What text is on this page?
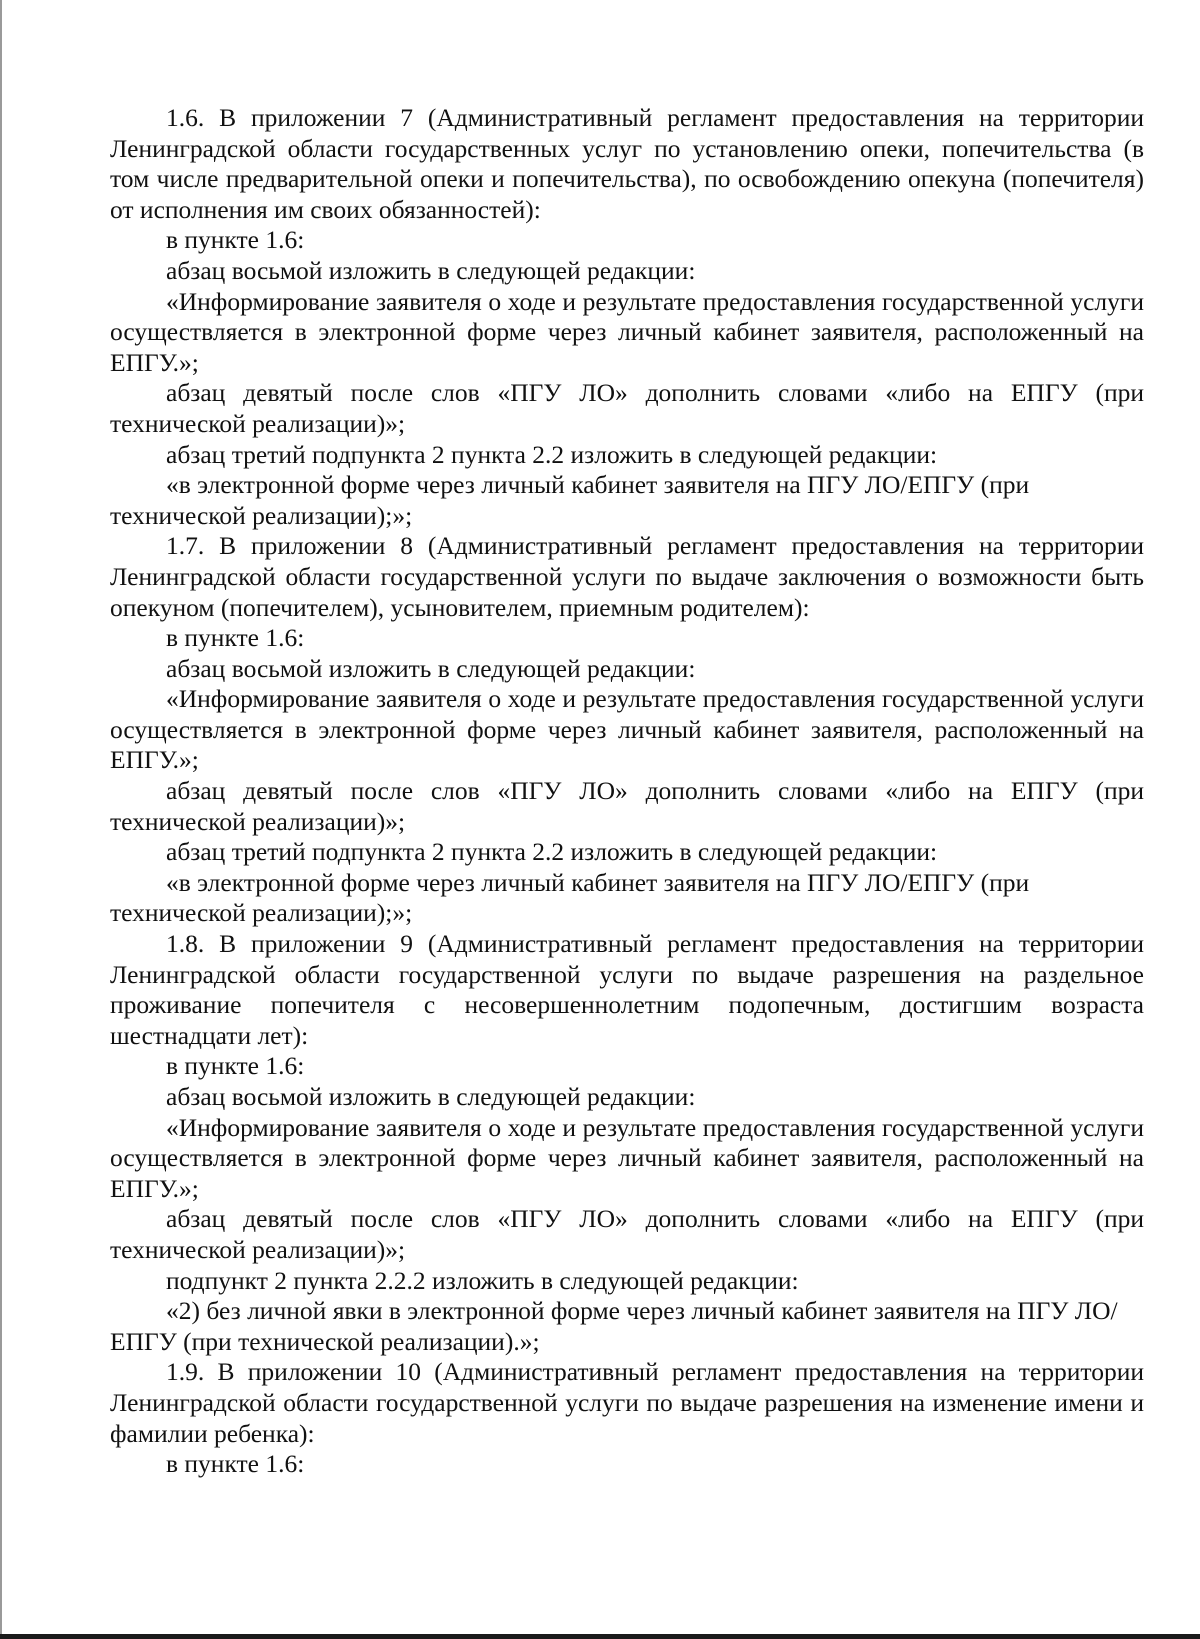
1.6. В приложении 7 (Административный регламент предоставления на территории Ленинградской области государственных услуг по установлению опеки, попечительства (в том числе предварительной опеки и попечительства), по освобождению опекуна (попечителя) от исполнения им своих обязанностей):

в пункте 1.6:

абзац восьмой изложить в следующей редакции:

«Информирование заявителя о ходе и результате предоставления государственной услуги осуществляется в электронной форме через личный кабинет заявителя, расположенный на ЕПГУ.»;

абзац девятый после слов «ПГУ ЛО» дополнить словами «либо на ЕПГУ (при технической реализации)»;

абзац третий подпункта 2 пункта 2.2 изложить в следующей редакции:

«в электронной форме через личный кабинет заявителя на ПГУ ЛО/ЕПГУ (при технической реализации);»;

1.7. В приложении 8 (Административный регламент предоставления на территории Ленинградской области государственной услуги по выдаче заключения о возможности быть опекуном (попечителем), усыновителем, приемным родителем):

в пункте 1.6:

абзац восьмой изложить в следующей редакции:

«Информирование заявителя о ходе и результате предоставления государственной услуги осуществляется в электронной форме через личный кабинет заявителя, расположенный на ЕПГУ.»;

абзац девятый после слов «ПГУ ЛО» дополнить словами «либо на ЕПГУ (при технической реализации)»;

абзац третий подпункта 2 пункта 2.2 изложить в следующей редакции:

«в электронной форме через личный кабинет заявителя на ПГУ ЛО/ЕПГУ (при технической реализации);»;

1.8. В приложении 9 (Административный регламент предоставления на территории Ленинградской области государственной услуги по выдаче разрешения на раздельное проживание попечителя с несовершеннолетним подопечным, достигшим возраста шестнадцати лет):

в пункте 1.6:

абзац восьмой изложить в следующей редакции:

«Информирование заявителя о ходе и результате предоставления государственной услуги осуществляется в электронной форме через личный кабинет заявителя, расположенный на ЕПГУ.»;

абзац девятый после слов «ПГУ ЛО» дополнить словами «либо на ЕПГУ (при технической реализации)»;

подпункт 2 пункта 2.2.2 изложить в следующей редакции:

«2) без личной явки в электронной форме через личный кабинет заявителя на ПГУ ЛО/ЕПГУ (при технической реализации).»;

1.9. В приложении 10 (Административный регламент предоставления на территории Ленинградской области государственной услуги по выдаче разрешения на изменение имени и фамилии ребенка):

в пункте 1.6:
